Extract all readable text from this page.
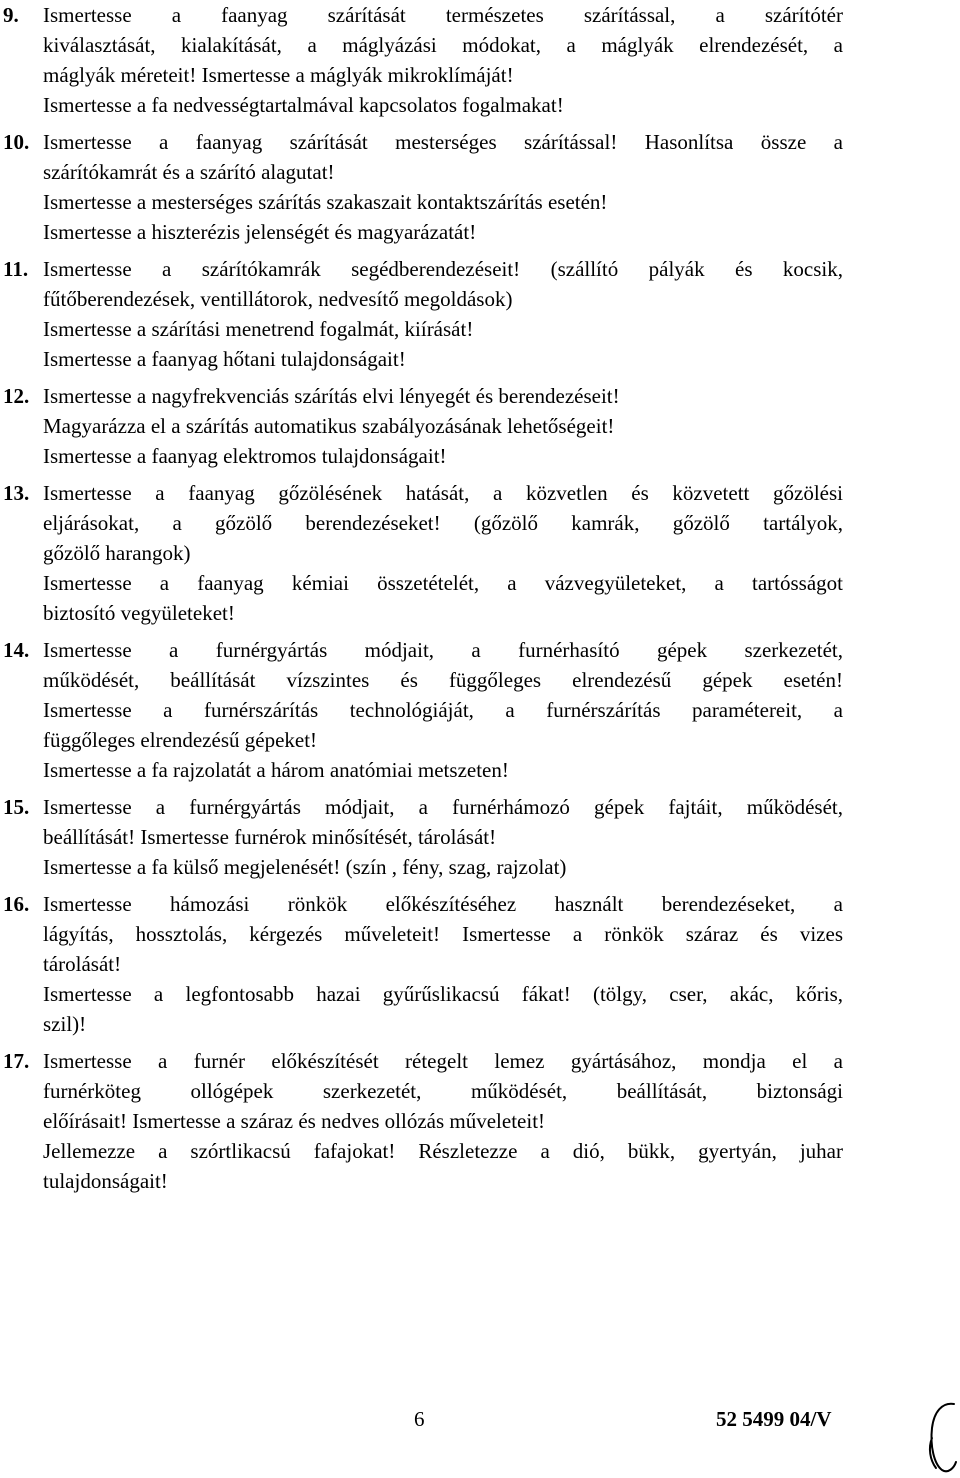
9. Ismertesse a faanyag szárítását természetes szárítással, a szárítótér
kiválasztását, kialakítását, a máglyázási módokat, a máglyák elrendezését, a
máglyák méreteit! Ismertesse a máglyák mikroklímáját!
Ismertesse a fa nedvességtartalmával kapcsolatos fogalmakat!
10. Ismertesse a faanyag szárítását mesterséges szárítással! Hasonlítsa össze a
szárítókamrát és a szárító alagutat!
Ismertesse a mesterséges szárítás szakaszait kontaktszárítás esetén!
Ismertesse a hiszterézis jelenségét és magyarázatát!
11. Ismertesse a szárítókamrák segédberendezéseit! (szállító pályák és kocsik,
fűtőberendezések, ventillátorok, nedvesítő megoldások)
Ismertesse a szárítási menetrend fogalmát, kiírását!
Ismertesse a faanyag hőtani tulajdonságait!
12. Ismertesse a nagyfrekvenciás szárítás elvi lényegét és berendezéseit!
Magyarázza el a szárítás automatikus szabályozásának lehetőségeit!
Ismertesse a faanyag elektromos tulajdonságait!
13. Ismertesse a faanyag gőzölésének hatását, a közvetlen és közvetett gőzölési
eljárásokat, a gőzölő berendezéseket! (gőzölő kamrák, gőzölő tartályok,
gőzölő harangok)
Ismertesse a faanyag kémiai összetételét, a vázvegyületeket, a tartósságot
biztosító vegyületeket!
14. Ismertesse a furnérgyártás módjait, a furnérhasító gépek szerkezetét,
működését, beállítását vízszintes és függőleges elrendezésű gépek esetén!
Ismertesse a furnérszárítás technológiáját, a furnérszárítás paramétereit, a
függőleges elrendezésű gépeket!
Ismertesse a fa rajzolatát a három anatómiai metszeten!
15. Ismertesse a furnérgyártás módjait, a furnérhámozó gépek fajtáit, működését,
beállítását! Ismertesse furnérok minősítését, tárolását!
Ismertesse a fa külső megjelenését! (szín , fény, szag, rajzolat)
16. Ismertesse hámozási rönkök előkészítéséhez használt berendezéseket, a
lágyítás, hossztolás, kérgezés műveleteit! Ismertesse a rönkök száraz és vizes
tárolását!
Ismertesse a legfontosabb hazai gyűrűslikacsú fákat! (tölgy, cser, akác, kőris,
szil)!
17. Ismertesse a furnér előkészítését rétegelt lemez gyártásához, mondja el a
furnérköteg ollógépek szerkezetét, működését, beállítását, biztonsági
előírásait! Ismertesse a száraz és nedves ollózás műveleteit!
Jellemezze a szórtlikacsú fafajokat! Részletezze a dió, bükk, gyertyán, juhar
tulajdonságait!
6	52 5499 04/V
